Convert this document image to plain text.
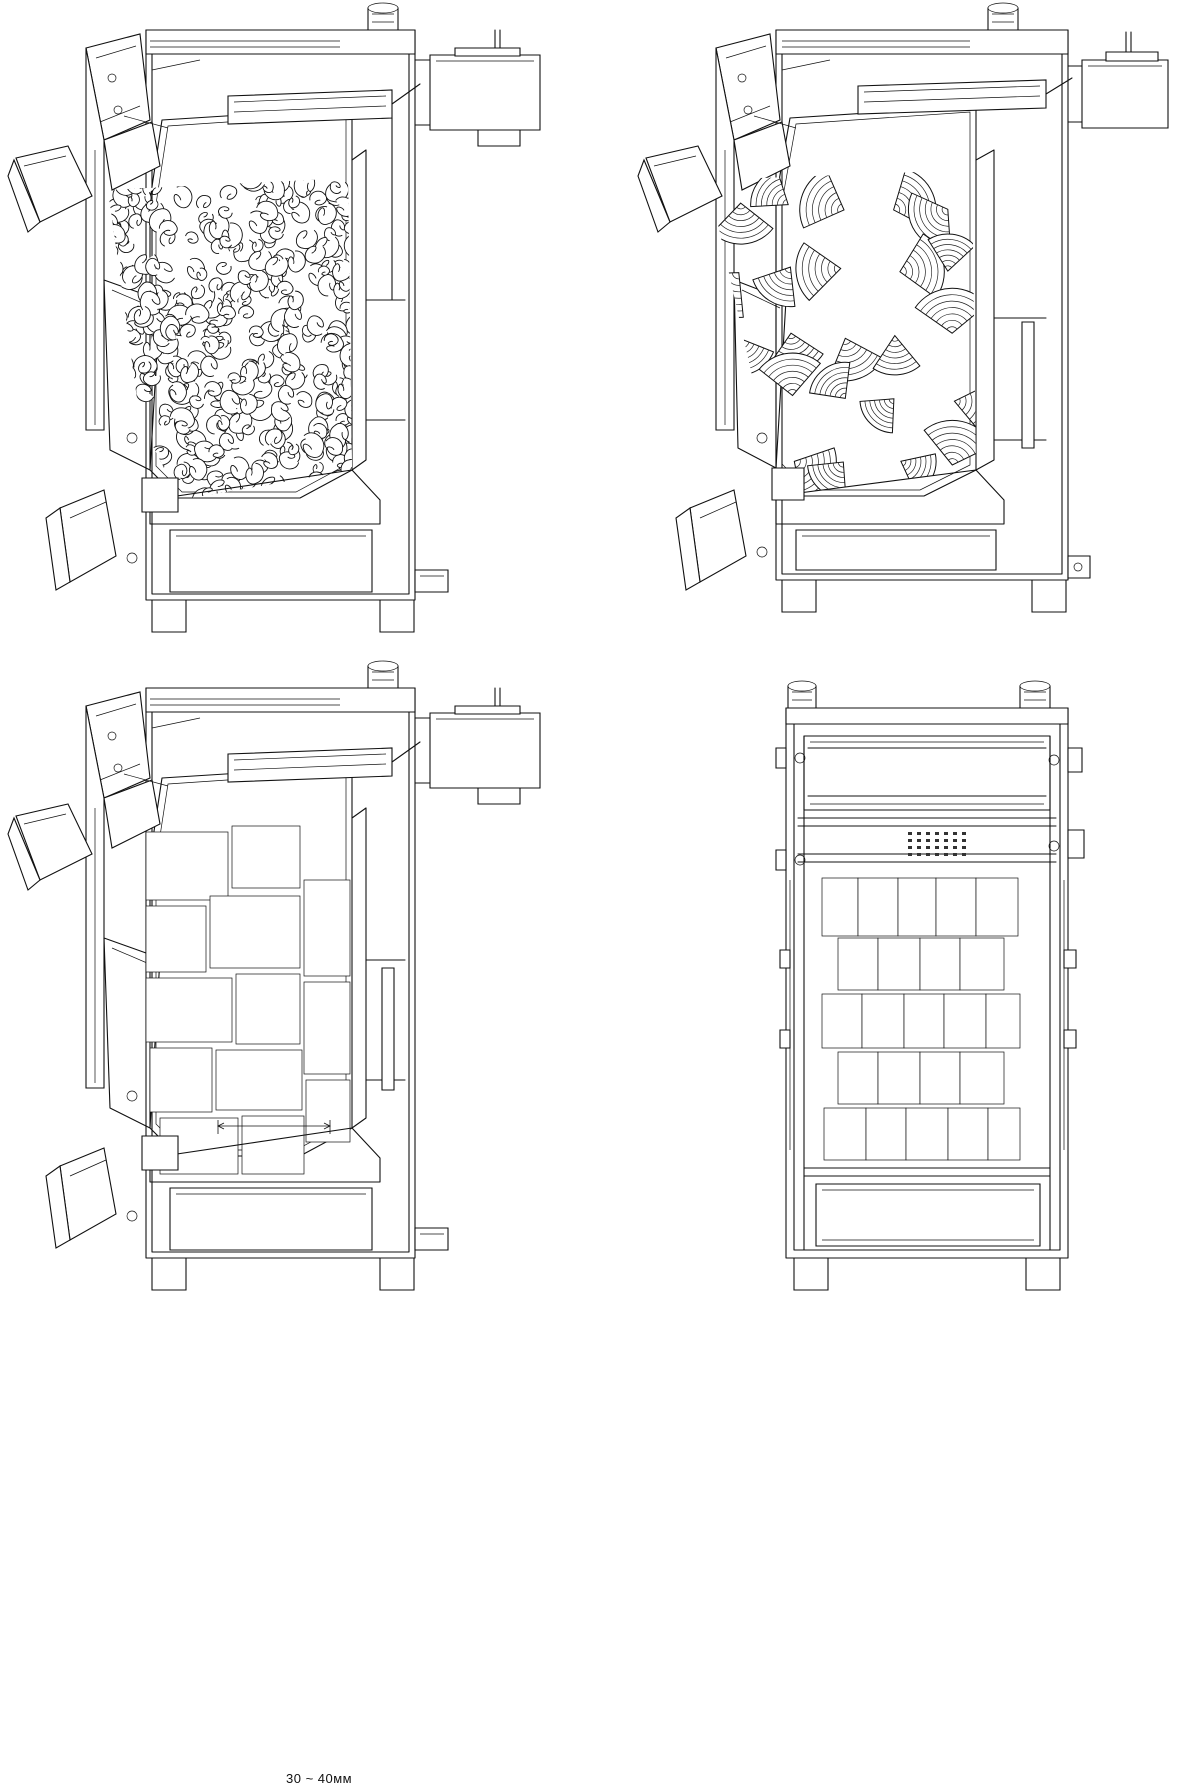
30 ~ 40мм
